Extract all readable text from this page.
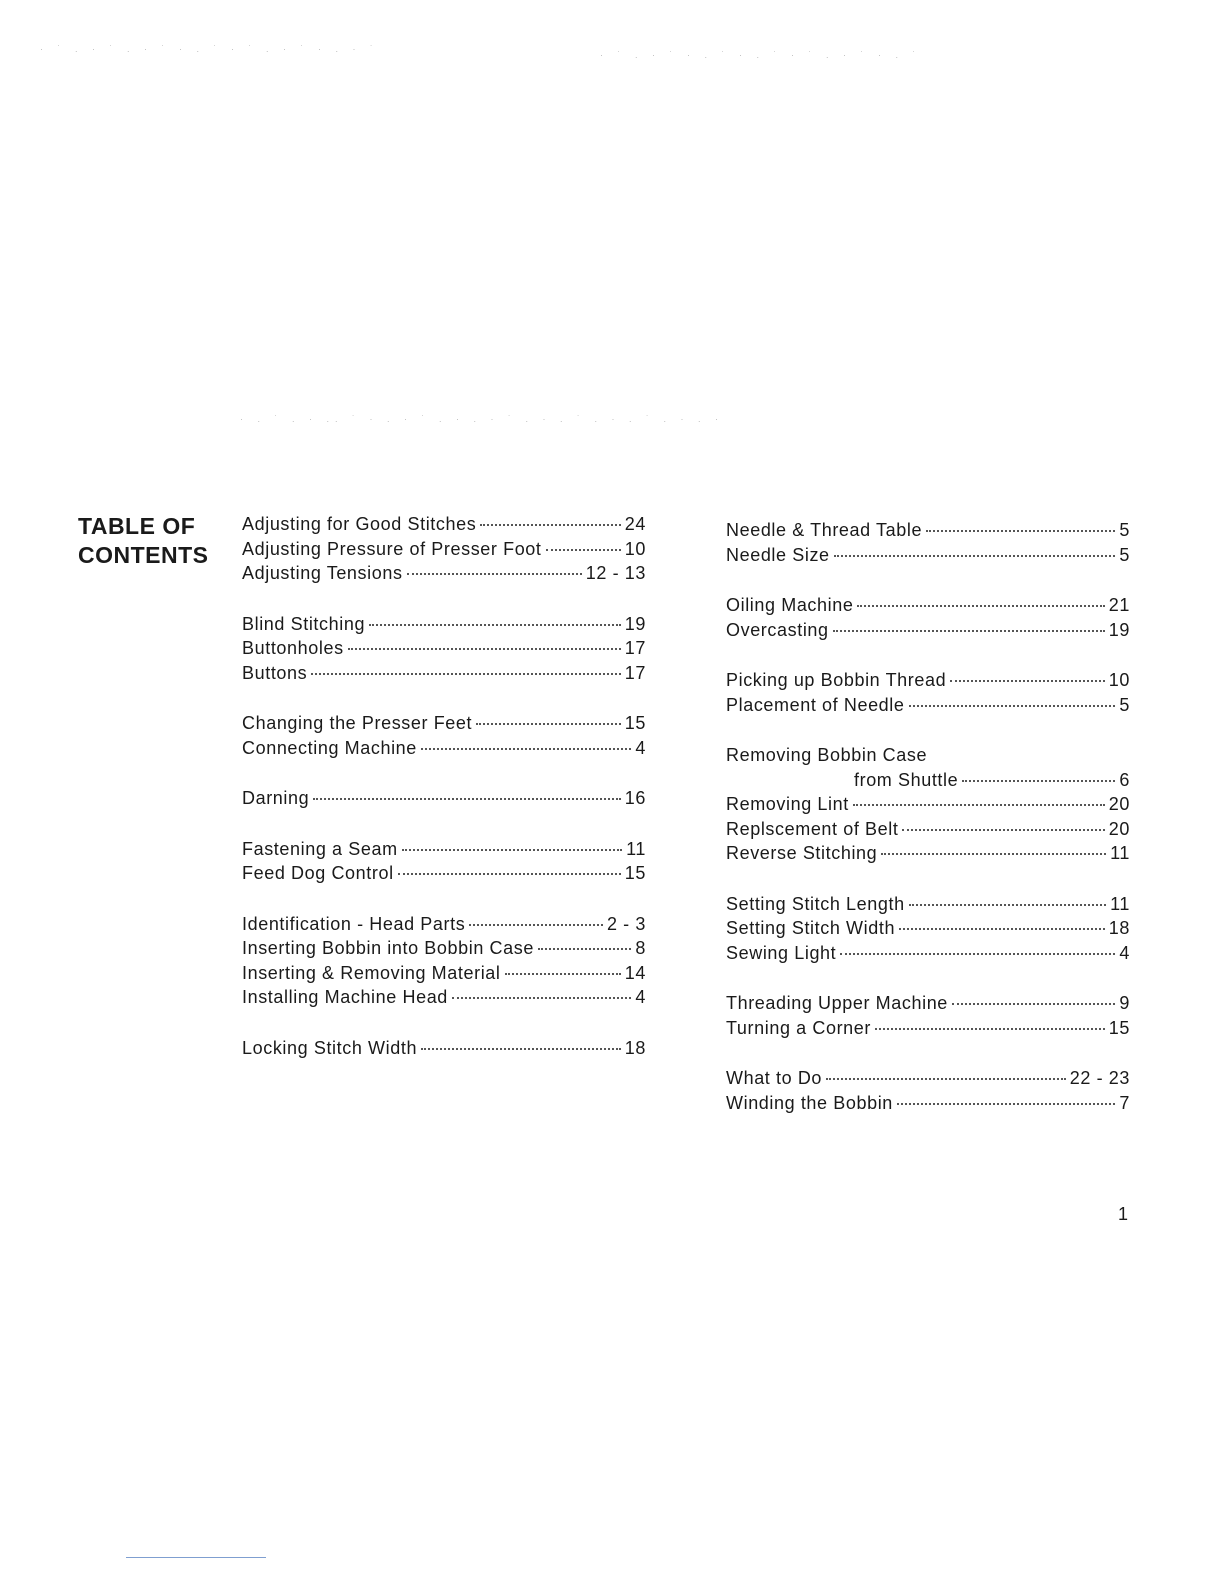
· ˙ . · ˙ . · ˙ · . ˙ · ˙ . · ˙ · . · ˙
· ˙ . · ˙ · . ˙ · . ˙ · ˙ . · ˙ · . ˙
· . ˙ . · .. ˙ · . · ˙ . · . · ˙ . · . ˙ . · . ˙ . · . ·
TABLE OF
CONTENTS
Adjusting for Good Stitches	24
Adjusting Pressure of Presser Foot	10
Adjusting Tensions	12 - 13
Blind Stitching	19
Buttonholes	17
Buttons	17
Changing the Presser Feet	15
Connecting Machine	4
Darning	16
Fastening a Seam	11
Feed Dog Control	15
Identification - Head Parts	2 - 3
Inserting Bobbin into Bobbin Case	8
Inserting & Removing Material	14
Installing Machine Head	4
Locking Stitch Width	18
Needle & Thread Table	5
Needle Size	5
Oiling Machine	21
Overcasting	19
Picking up Bobbin Thread	10
Placement of Needle	5
Removing Bobbin Case
from Shuttle	6
Removing Lint	20
Replscement of Belt	20
Reverse Stitching	11
Setting Stitch Length	11
Setting Stitch Width	18
Sewing Light	4
Threading Upper Machine	9
Turning a Corner	15
What to Do	22 - 23
Winding the Bobbin	7
1
